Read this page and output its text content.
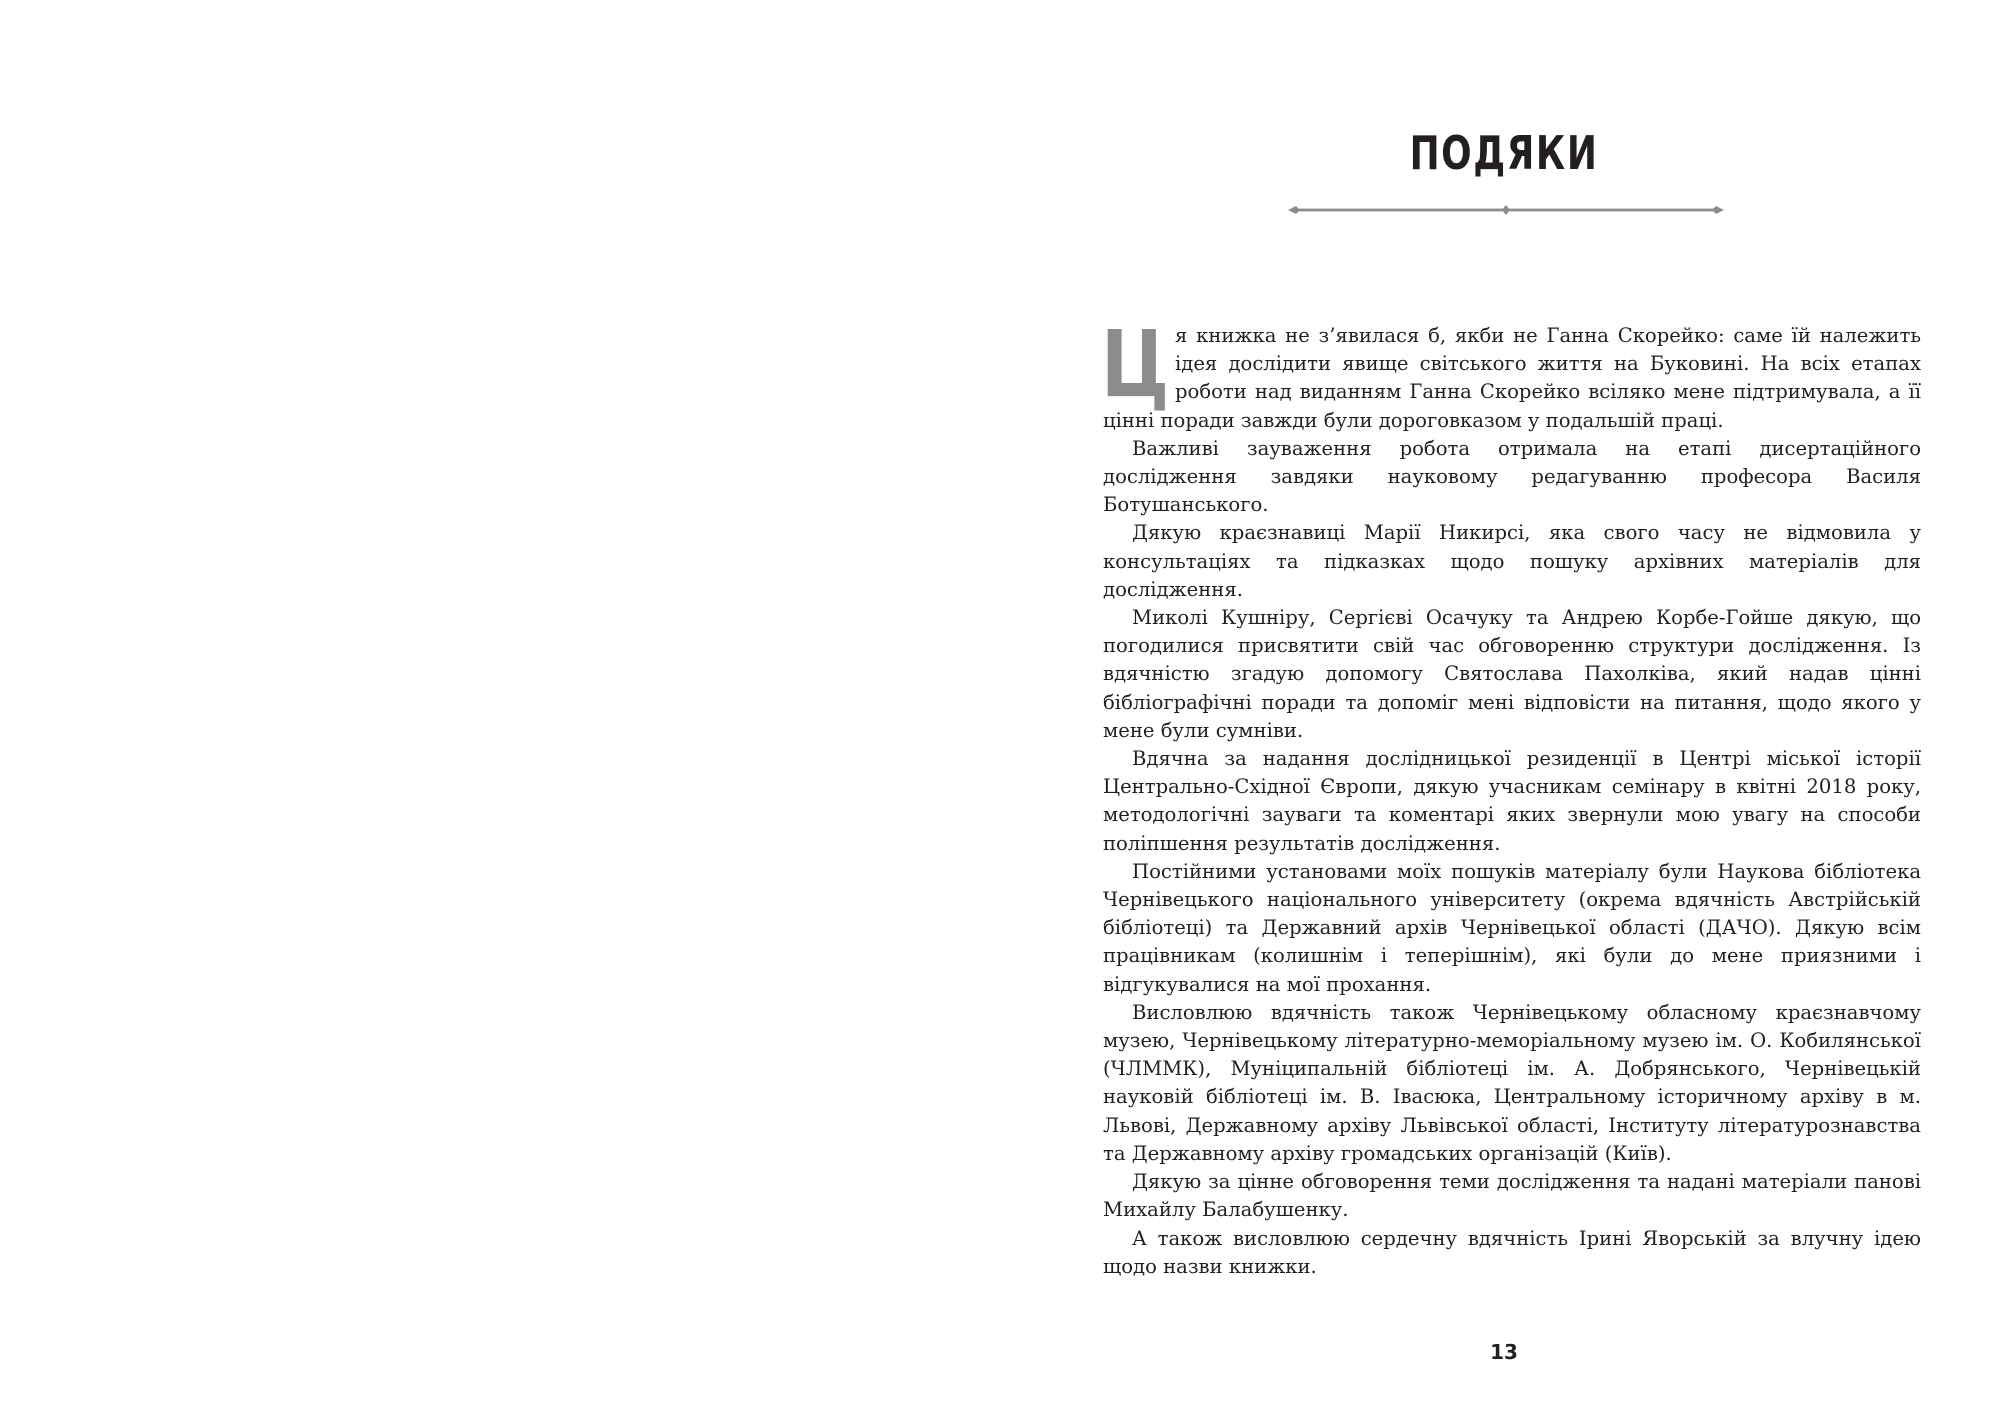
ПОДЯКИ

Ця книжка не з’явилася б, якби не Ганна Скорейко: саме їй належить ідея дослідити явище світського життя на Буковині. На всіх етапах роботи над виданням Ганна Скорейко всіляко мене підтримувала, а її цінні поради завжди були дороговказом у подальшій праці.

Важливі зауваження робота отримала на етапі дисертаційного дослідження завдяки науковому редагуванню професора Василя Ботушанського.

Дякую краєзнавиці Марії Никирсі, яка свого часу не відмовила у консультаціях та підказках щодо пошуку архівних матеріалів для дослідження.

Миколі Кушніру, Сергієві Осачуку та Андрею Корбе-Гойше дякую, що погодилися присвятити свій час обговоренню структури дослідження. Із вдячністю згадую допомогу Святослава Пахолківа, який надав цінні бібліографічні поради та допоміг мені відповісти на питання, щодо якого у мене були сумніви.

Вдячна за надання дослідницької резиденції в Центрі міської історії Центрально-Східної Європи, дякую учасникам семінару в квітні 2018 року, методологічні зауваги та коментарі яких звернули мою увагу на способи поліпшення результатів дослідження.

Постійними установами моїх пошуків матеріалу були Наукова бібліотека Чернівецького національного університету (окрема вдячність Австрійській бібліотеці) та Державний архів Чернівецької області (ДАЧО). Дякую всім працівникам (колишнім і теперішнім), які були до мене приязними і відгукувалися на мої прохання.

Висловлюю вдячність також Чернівецькому обласному краєзнавчому музею, Чернівецькому літературно-меморіальному музею ім. О. Кобилянської (ЧЛММК), Муніципальній бібліотеці ім. А. Добрянського, Чернівецькій науковій бібліотеці ім. В. Івасюка, Центральному історичному архіву в м. Львові, Державному архіву Львівської області, Інституту літературознавства та Державному архіву громадських організацій (Київ).

Дякую за цінне обговорення теми дослідження та надані матеріали панові Михайлу Балабушенку.

А також висловлюю сердечну вдячність Ірині Яворській за влучну ідею щодо назви книжки.

13
